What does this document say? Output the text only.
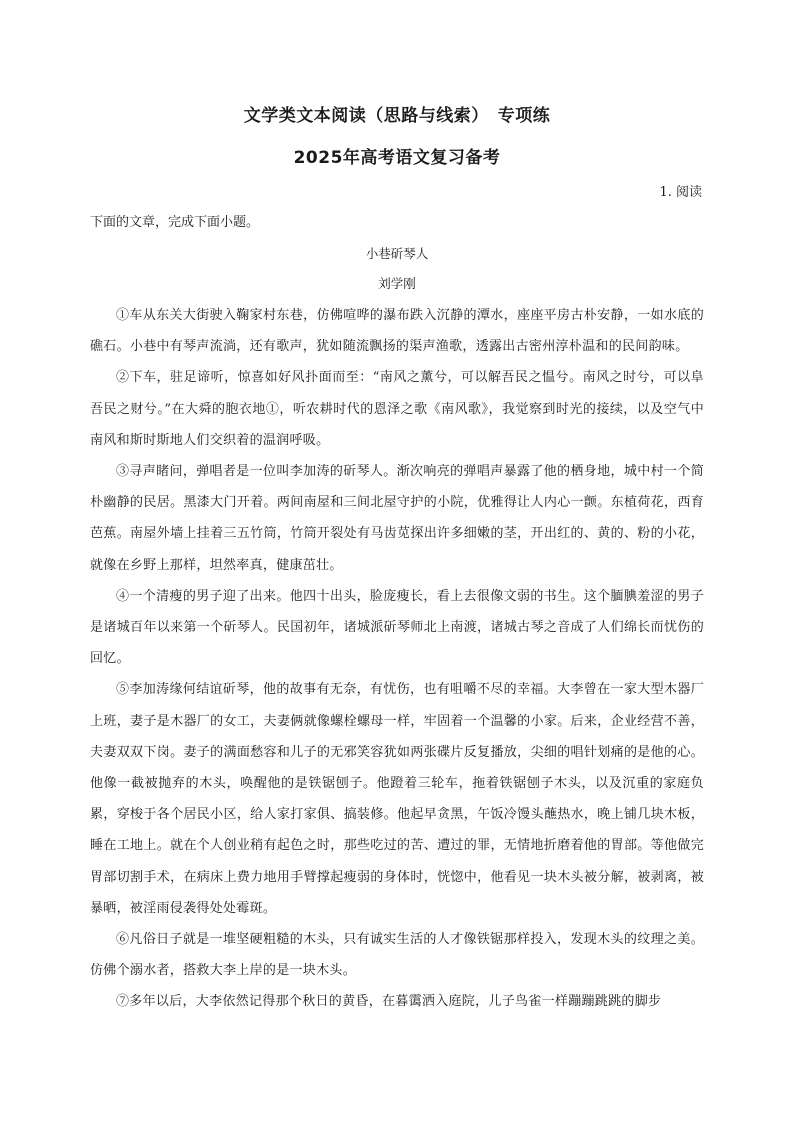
文学类文本阅读（思路与线索）　专项练
2025年高考语文复习备考
1. 阅读
下面的文章，完成下面小题。
小巷斫琴人
刘学刚

①车从东关大街驶入鞠家村东巷，仿佛喧哗的瀑布跌入沉静的潭水，座座平房古朴安静，一如水底的礁石。小巷中有琴声流淌，还有歌声，犹如随流飘扬的渠声渔歌，透露出古密州淳朴温和的民间韵味。

②下车，驻足谛听，惊喜如好风扑面而至：“南风之薰兮，可以解吾民之愠兮。南风之时兮，可以阜吾民之财兮。”在大舜的胞衣地①，听农耕时代的恩泽之歌《南风歌》，我觉察到时光的接续，以及空气中南风和斯时斯地人们交织着的温润呼吸。

③寻声睹问，弹唱者是一位叫李加涛的斫琴人。渐次响亮的弹唱声暴露了他的栖身地，城中村一个简朴幽静的民居。黑漆大门开着。两间南屋和三间北屋守护的小院，优雅得让人内心一颤。东植荷花，西育芭蕉。南屋外墙上挂着三五竹筒，竹筒开裂处有马齿苋探出许多细嫩的茎，开出红的、黄的、粉的小花，就像在乡野上那样，坦然率真，健康茁壮。

④一个清瘦的男子迎了出来。他四十出头，脸庞瘦长，看上去很像文弱的书生。这个腼腆羞涩的男子是诸城百年以来第一个斫琴人。民国初年，诸城派斫琴师北上南渡，诸城古琴之音成了人们绵长而忧伤的回忆。

⑤李加涛缘何结谊斫琴，他的故事有无奈，有忧伤，也有咀嚼不尽的幸福。大李曾在一家大型木器厂上班，妻子是木器厂的女工，夫妻俩就像螺栓螺母一样，牢固着一个温馨的小家。后来，企业经营不善，夫妻双双下岗。妻子的满面愁容和儿子的无邪笑容犹如两张碟片反复播放，尖细的唱针划痛的是他的心。他像一截被抛弃的木头，唤醒他的是铁锯刨子。他蹬着三轮车，拖着铁锯刨子木头，以及沉重的家庭负累，穿梭于各个居民小区，给人家打家俱、搞装修。他起早贪黑，午饭冷馒头蘸热水，晚上铺几块木板，睡在工地上。就在个人创业稍有起色之时，那些吃过的苦、遭过的罪，无情地折磨着他的胃部。等他做完胃部切割手术，在病床上费力地用手臂撑起瘦弱的身体时，恍惚中，他看见一块木头被分解，被剥离，被暴晒，被淫雨侵袭得处处霉斑。

⑥凡俗日子就是一堆坚硬粗糙的木头，只有诚实生活的人才像铁锯那样投入，发现木头的纹理之美。仿佛个溺水者，搭救大李上岸的是一块木头。

⑦多年以后，大李依然记得那个秋日的黄昏，在暮霭洒入庭院，儿子鸟雀一样蹦蹦跳跳的脚步
